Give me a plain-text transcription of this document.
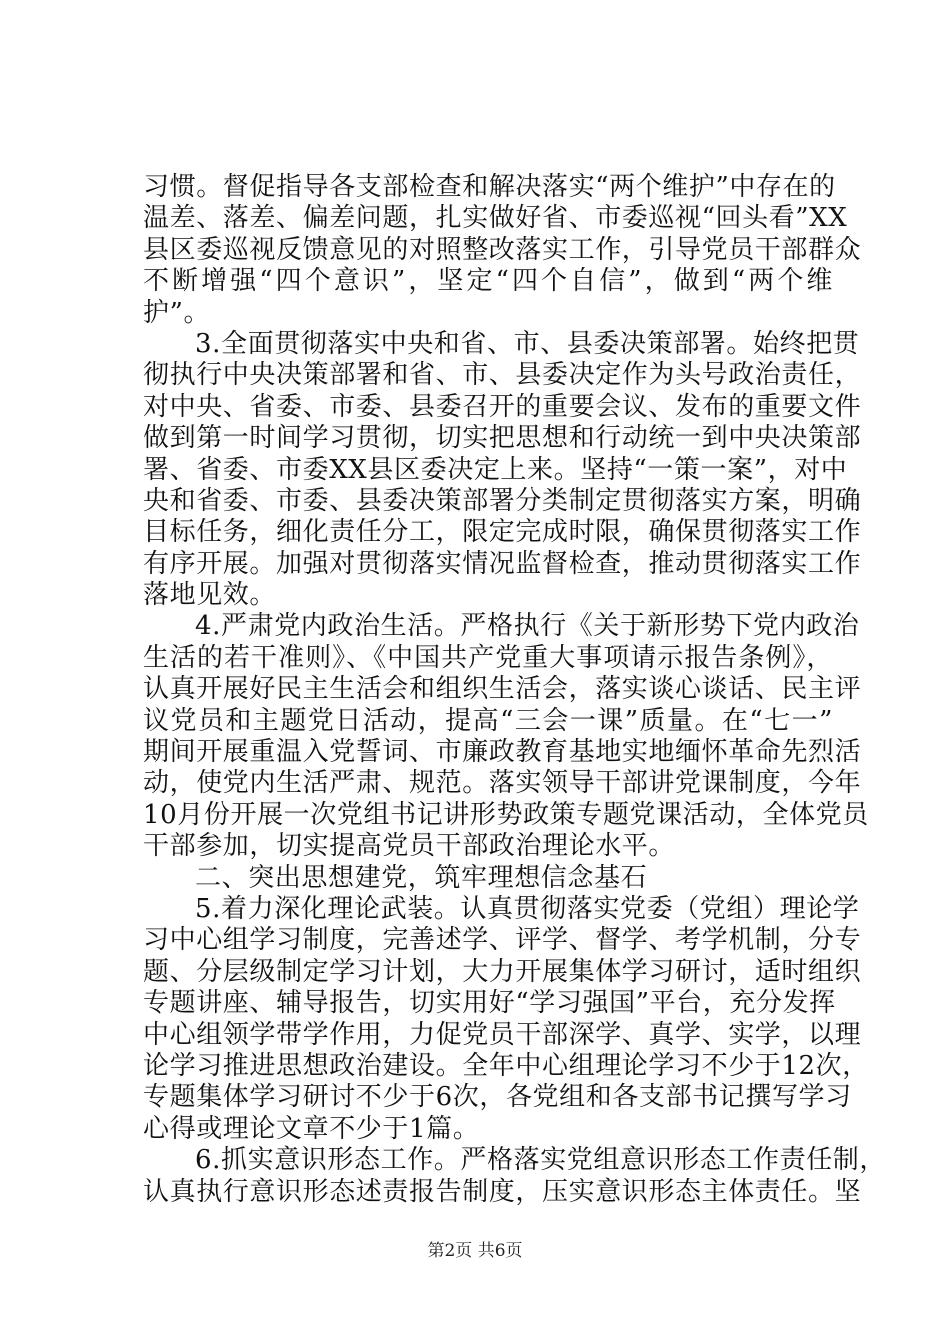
习惯。督促指导各支部检查和解决落实“两个维护”中存在的
温差、落差、偏差问题，扎实做好省、市委巡视“回头看”XX
县区委巡视反馈意见的对照整改落实工作，引导党员干部群众
不断增强“四个意识”，坚定“四个自信”，做到“两个维
护”。
3.全面贯彻落实中央和省、市、县委决策部署。始终把贯
彻执行中央决策部署和省、市、县委决定作为头号政治责任，
对中央、省委、市委、县委召开的重要会议、发布的重要文件
做到第一时间学习贯彻，切实把思想和行动统一到中央决策部
署、省委、市委XX县区委决定上来。坚持“一策一案”，对中
央和省委、市委、县委决策部署分类制定贯彻落实方案，明确
目标任务，细化责任分工，限定完成时限，确保贯彻落实工作
有序开展。加强对贯彻落实情况监督检查，推动贯彻落实工作
落地见效。
4.严肃党内政治生活。严格执行《关于新形势下党内政治
生活的若干准则》、《中国共产党重大事项请示报告条例》，
认真开展好民主生活会和组织生活会，落实谈心谈话、民主评
议党员和主题党日活动，提高“三会一课”质量。在“七一”
期间开展重温入党誓词、市廉政教育基地实地缅怀革命先烈活
动，使党内生活严肃、规范。落实领导干部讲党课制度，今年
10月份开展一次党组书记讲形势政策专题党课活动，全体党员
干部参加，切实提高党员干部政治理论水平。
二、突出思想建党，筑牢理想信念基石
5.着力深化理论武装。认真贯彻落实党委（党组）理论学
习中心组学习制度，完善述学、评学、督学、考学机制，分专
题、分层级制定学习计划，大力开展集体学习研讨，适时组织
专题讲座、辅导报告，切实用好“学习强国”平台，充分发挥
中心组领学带学作用，力促党员干部深学、真学、实学，以理
论学习推进思想政治建设。全年中心组理论学习不少于12次，
专题集体学习研讨不少于6次，各党组和各支部书记撰写学习
心得或理论文章不少于1篇。
6.抓实意识形态工作。严格落实党组意识形态工作责任制，
认真执行意识形态述责报告制度，压实意识形态主体责任。坚
第2页 共6页
